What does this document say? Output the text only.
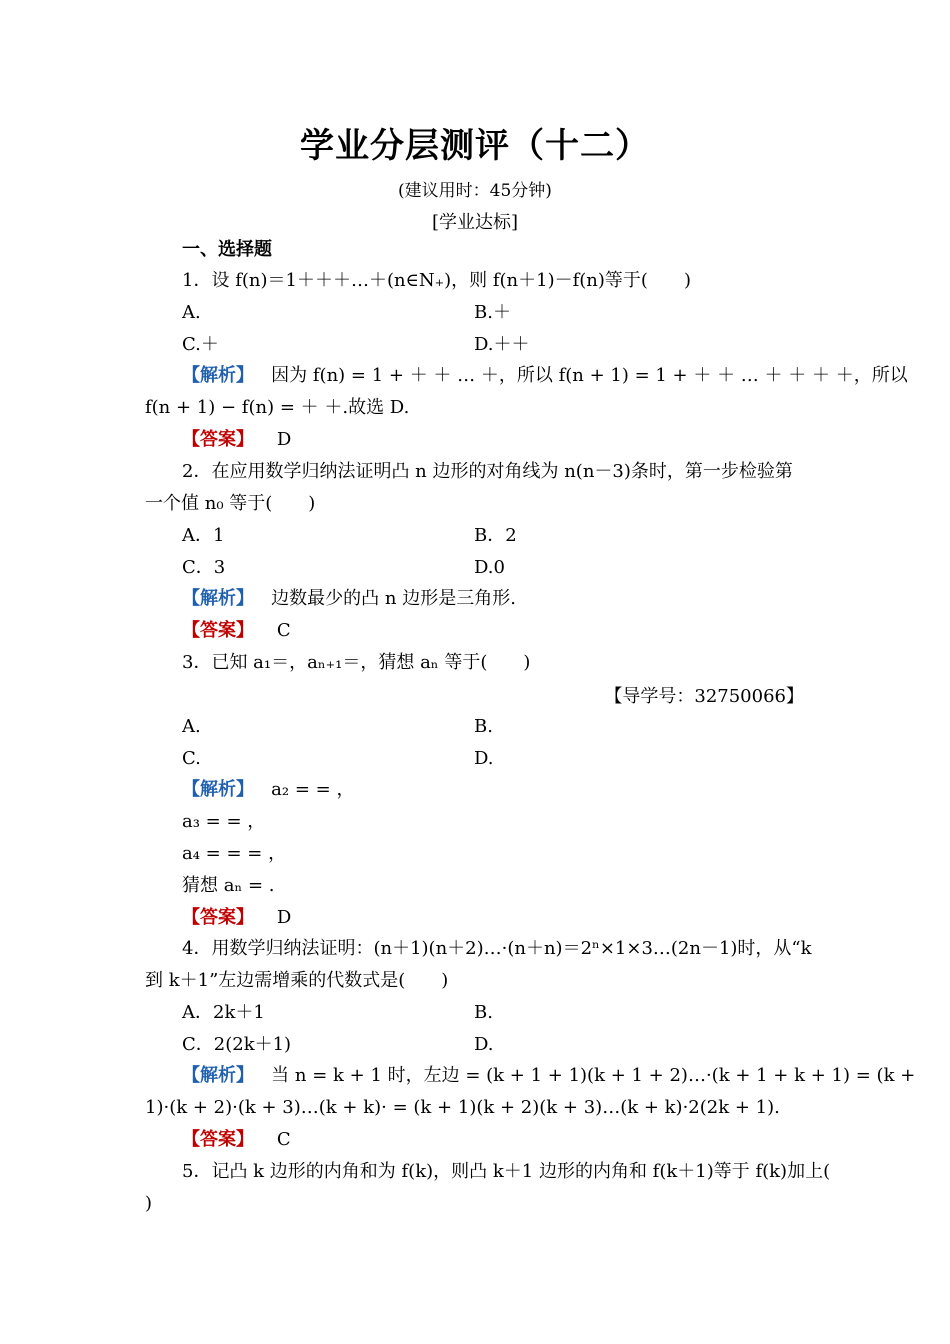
学业分层测评（十二）
(建议用时：45分钟)
[学业达标]
一、选择题
1．设 f(n)＝1＋＋＋…＋(n∈N₊)，则 f(n＋1)－f(n)等于(　　)
A.	B.＋
C.＋	D.＋＋
【解析】 因为 f(n) = 1 + ＋ ＋ … ＋，所以 f(n + 1) = 1 + ＋ ＋ … ＋ ＋ ＋ ＋，所以
f(n + 1) − f(n) = ＋ ＋.故选 D.
【答案】 D
2．在应用数学归纳法证明凸 n 边形的对角线为 n(n－3)条时，第一步检验第
一个值 n₀ 等于(　　)
A．1	B．2
C．3	D.0
【解析】 边数最少的凸 n 边形是三角形.
【答案】 C
3．已知 a₁＝，aₙ₊₁＝，猜想 aₙ 等于(　　)
【导学号：32750066】
A.	B.
C.	D.
【解析】 a₂ = = ，
a₃ = = ，
a₄ = = = ，
猜想 aₙ = .
【答案】 D
4．用数学归纳法证明：(n＋1)(n＋2)…·(n＋n)＝2ⁿ×1×3…(2n－1)时，从“k
到 k＋1”左边需增乘的代数式是(　　)
A．2k＋1	B.
C．2(2k＋1)	D.
【解析】 当 n = k + 1 时，左边 = (k + 1 + 1)(k + 1 + 2)…·(k + 1 + k + 1) = (k +
1)·(k + 2)·(k + 3)…(k + k)· = (k + 1)(k + 2)(k + 3)…(k + k)·2(2k + 1).
【答案】 C
5．记凸 k 边形的内角和为 f(k)，则凸 k＋1 边形的内角和 f(k＋1)等于 f(k)加上(
)
